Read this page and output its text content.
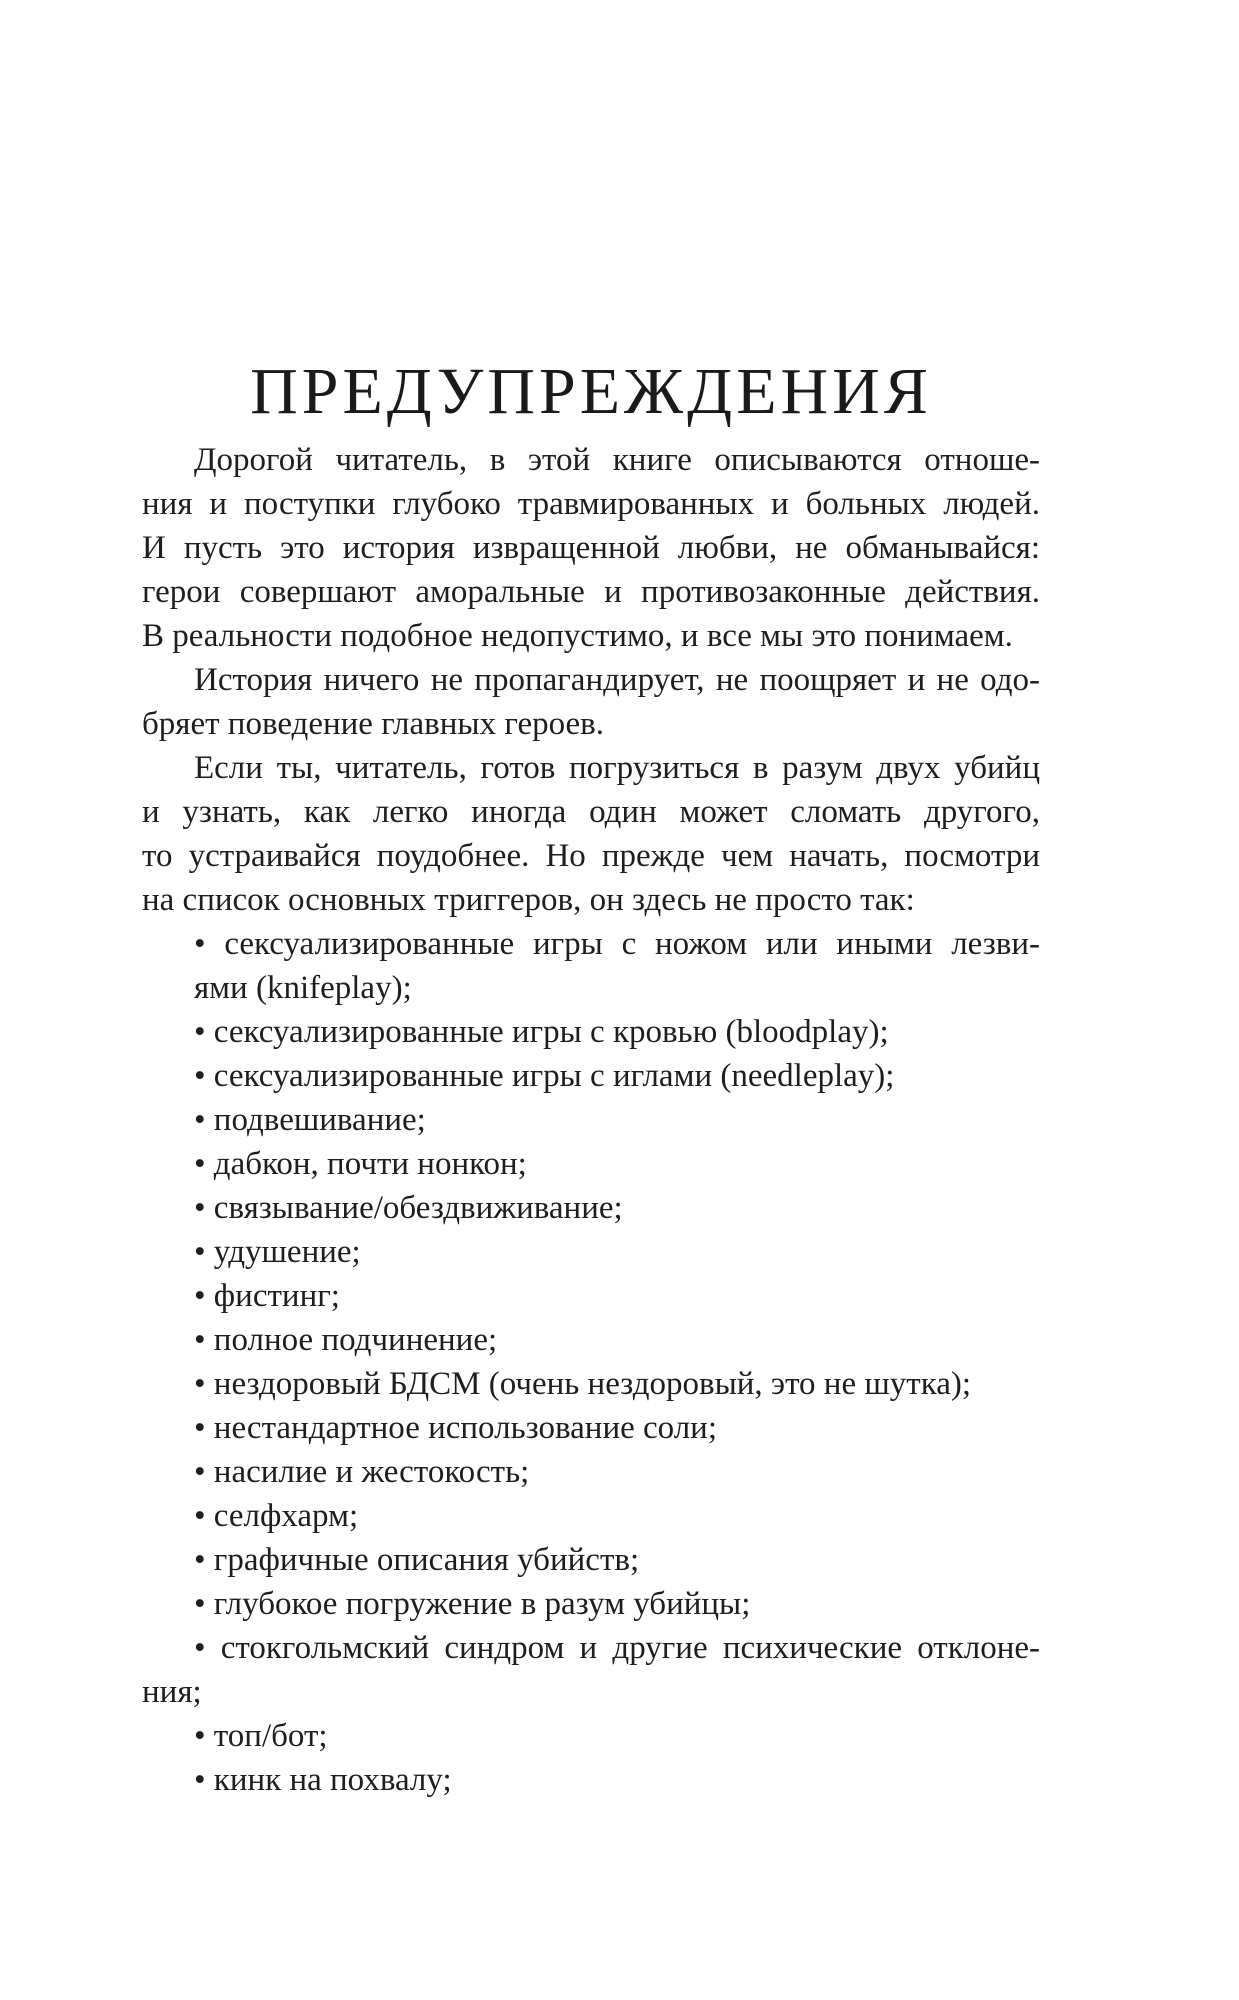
ПРЕДУПРЕЖДЕНИЯ
Дорогой читатель, в этой книге описываются отноше-
ния и поступки глубоко травмированных и больных людей.
И пусть это история извращенной любви, не обманывайся:
герои совершают аморальные и противозаконные действия.
В реальности подобное недопустимо, и все мы это понимаем.
История ничего не пропагандирует, не поощряет и не одо-
бряет поведение главных героев.
Если ты, читатель, готов погрузиться в разум двух убийц
и узнать, как легко иногда один может сломать другого,
то устраивайся поудобнее. Но прежде чем начать, посмотри
на список основных триггеров, он здесь не просто так:
• сексуализированные игры с ножом или иными лезви-
ями (knifeplay);
• сексуализированные игры с кровью (bloodplay);
• сексуализированные игры с иглами (needleplay);
• подвешивание;
• дабкон, почти нонкон;
• связывание/обездвиживание;
• удушение;
• фистинг;
• полное подчинение;
• нездоровый БДСМ (очень нездоровый, это не шутка);
• нестандартное использование соли;
• насилие и жестокость;
• селфхарм;
• графичные описания убийств;
• глубокое погружение в разум убийцы;
• стокгольмский синдром и другие психические отклоне-
ния;
• топ/бот;
• кинк на похвалу;
